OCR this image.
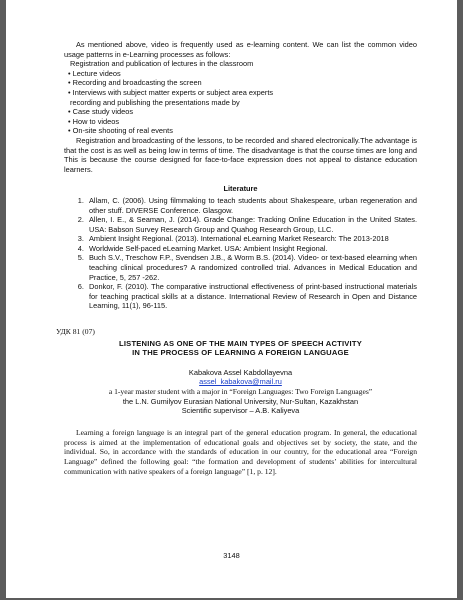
As mentioned above, video is frequently used as e-learning content. We can list the common video usage patterns in e-Learning processes as follows:

Registration and publication of lectures in the classroom
• Lecture videos
• Recording and broadcasting the screen
• Interviews with subject matter experts or subject area experts
recording and publishing the presentations made by
• Case study videos
• How to videos
• On-site shooting of real events

Registration and broadcasting of the lessons, to be recorded and shared electronically.The advantage is that the cost is as well as being low in terms of time. The disadvantage is that the course times are long and This is because the course designed for face-to-face expression does not appeal to distance education learners.

Literature
1. Allam, C. (2006). Using filmmaking to teach students about Shakespeare, urban regeneration and other stuff. DIVERSE Conference. Glasgow.
2. Allen, I. E., & Seaman, J. (2014). Grade Change: Tracking Online Education in the United States. USA: Babson Survey Research Group and Quahog Research Group, LLC.
3. Ambient Insight Regional. (2013). International eLearning Market Research: The 2013-2018
4. Worldwide Self-paced eLearning Market. USA: Ambient Insight Regional.
5. Buch S.V., Treschow F.P., Svendsen J.B., & Worm B.S. (2014). Video- or text-based elearning when teaching clinical procedures? A randomized controlled trial. Advances in Medical Education and Practice, 5, 257 -262.
6. Donkor, F. (2010). The comparative instructional effectiveness of print-based instructional materials for teaching practical skills at a distance. International Review of Research in Open and Distance Learning, 11(1), 96-115.
УДК 81 (07)
LISTENING AS ONE OF THE MAIN TYPES OF SPEECH ACTIVITY
IN THE PROCESS OF LEARNING A FOREIGN LANGUAGE
Kabakova Assel Kabdollayevna
assel_kabakova@mail.ru
a 1-year master student with a major in “Foreign Languages: Two Foreign Languages”
the L.N. Gumilyov Eurasian National University, Nur-Sultan, Kazakhstan
Scientific supervisor – A.B. Kaliyeva

Learning a foreign language is an integral part of the general education program. In general, the educational process is aimed at the implementation of educational goals and objectives set by society, the state, and the individual. So, in accordance with the standards of education in our country, for the educational area “Foreign Language” defined the following goal: “the formation and development of students’ abilities for intercultural communication with native speakers of a foreign language” [1, p. 12].

3148
